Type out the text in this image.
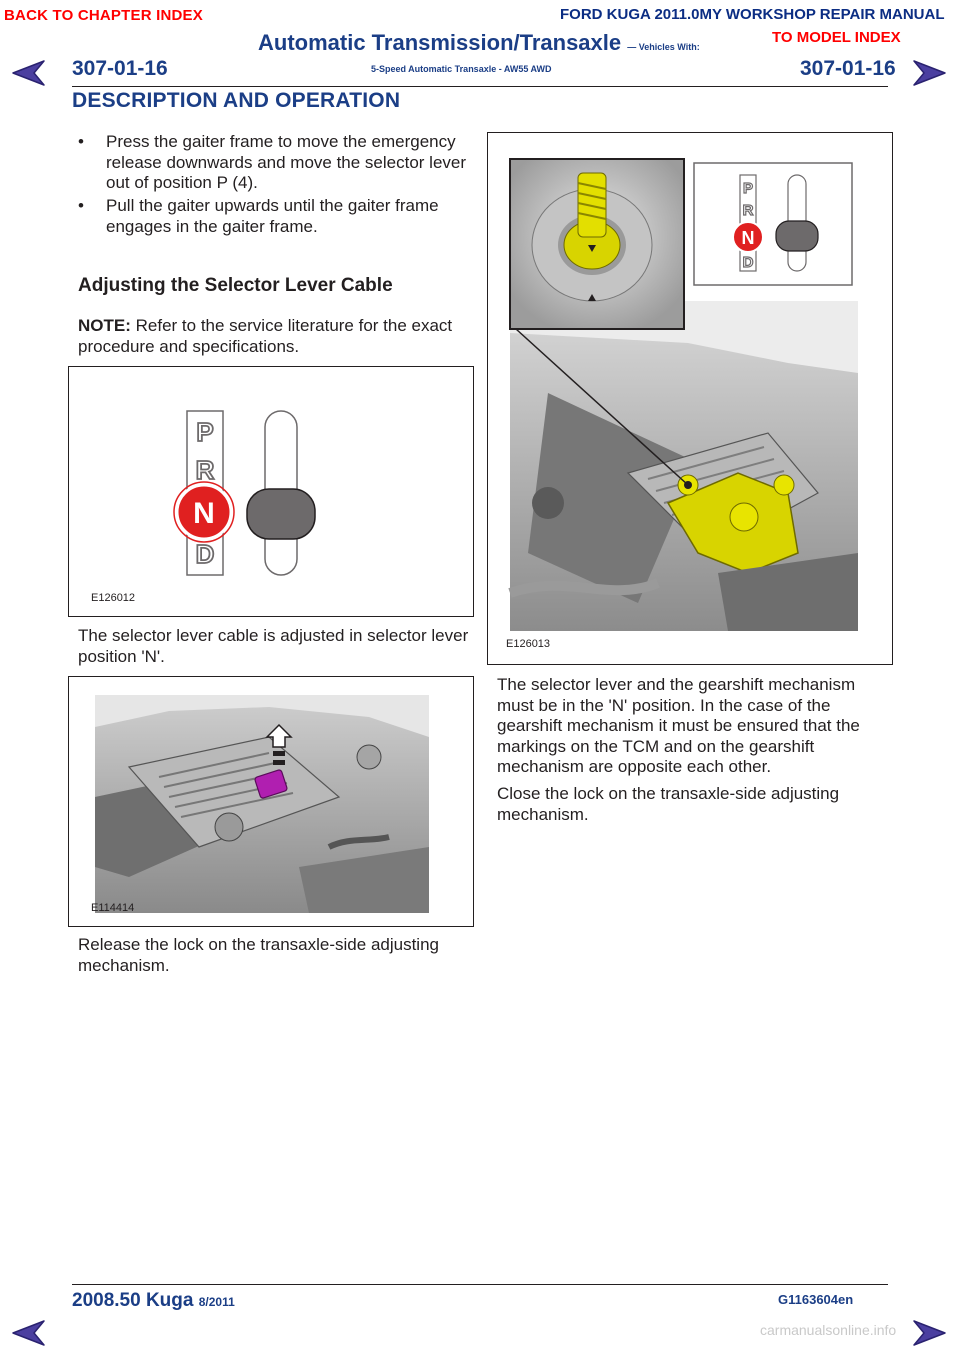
BACK TO CHAPTER INDEX	FORD KUGA 2011.0MY WORKSHOP REPAIR MANUAL
TO MODEL INDEX
Automatic Transmission/Transaxle — Vehicles With:
5-Speed Automatic Transaxle - AW55 AWD
307-01-16	307-01-16
DESCRIPTION AND OPERATION
• Press the gaiter frame to move the emergency release downwards and move the selector lever out of position P (4).
• Pull the gaiter upwards until the gaiter frame engages in the gaiter frame.
Adjusting the Selector Lever Cable
NOTE: Refer to the service literature for the exact procedure and specifications.
P
R
D
N
E126012
The selector lever cable is adjusted in selector lever position 'N'.
E114414
Release the lock on the transaxle-side adjusting mechanism.
P
R
D
N
E126013
The selector lever and the gearshift mechanism must be in the 'N' position. In the case of the gearshift mechanism it must be ensured that the markings on the TCM and on the gearshift mechanism are opposite each other.
Close the lock on the transaxle-side adjusting mechanism.
2008.50 Kuga 8/2011	G1163604en
carmanualsonline.info
